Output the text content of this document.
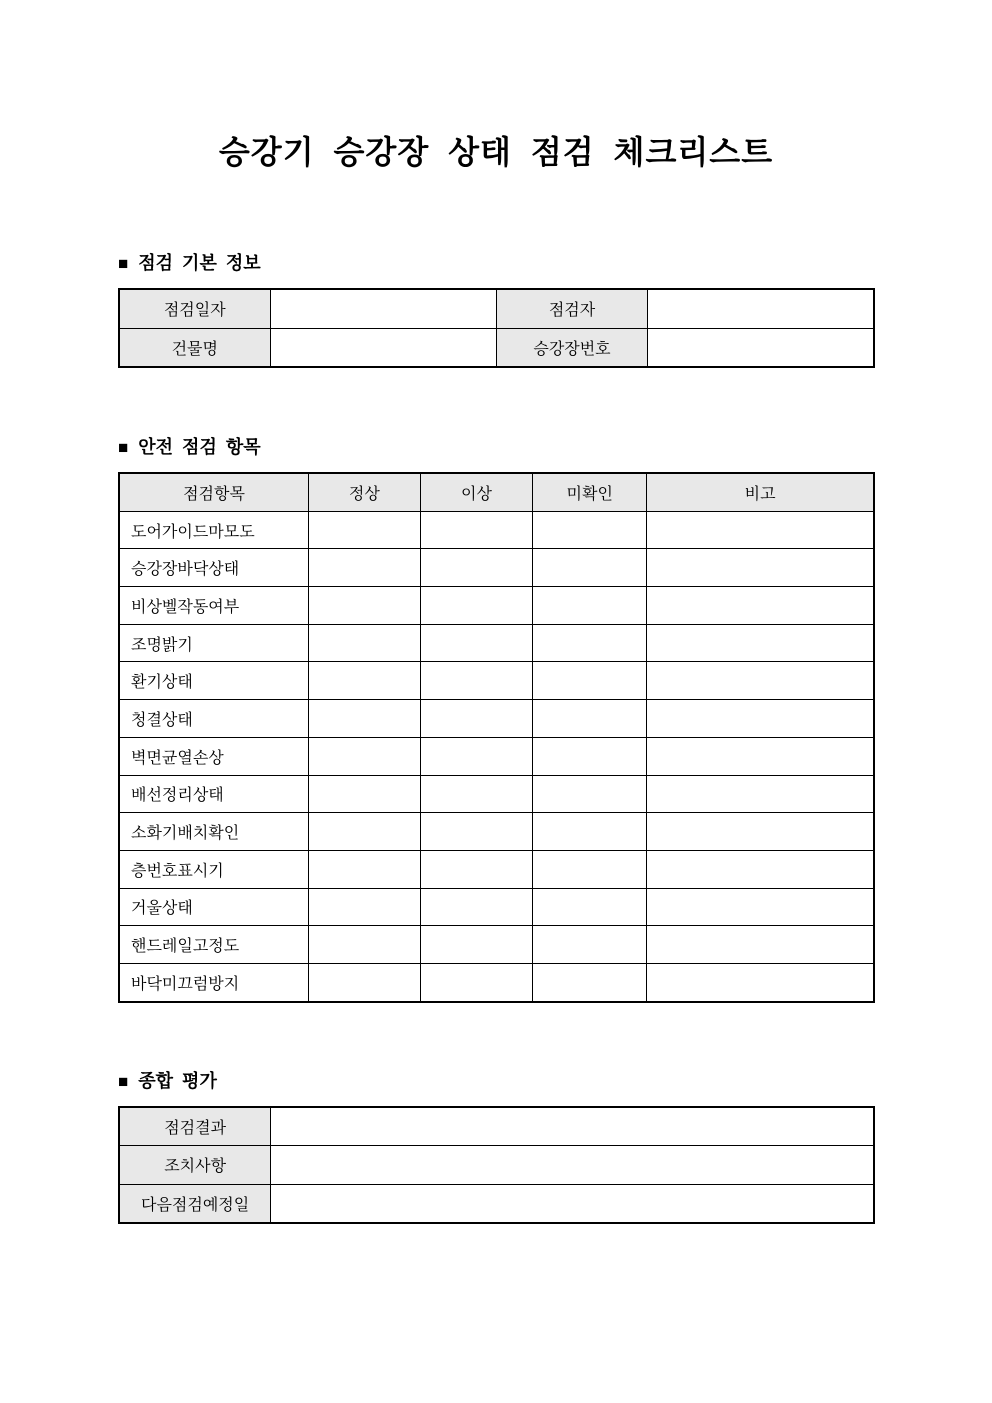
승강기 승강장 상태 점검 체크리스트
■ 점검 기본 정보
점검일자		점검자	
건물명		승강장번호	
■ 안전 점검 항목
점검항목	정상	이상	미확인	비고
도어가이드마모도				
승강장바닥상태				
비상벨작동여부				
조명밝기				
환기상태				
청결상태				
벽면균열손상				
배선정리상태				
소화기배치확인				
층번호표시기				
거울상태				
핸드레일고정도				
바닥미끄럼방지				
■ 종합 평가
점검결과	
조치사항	
다음점검예정일	
